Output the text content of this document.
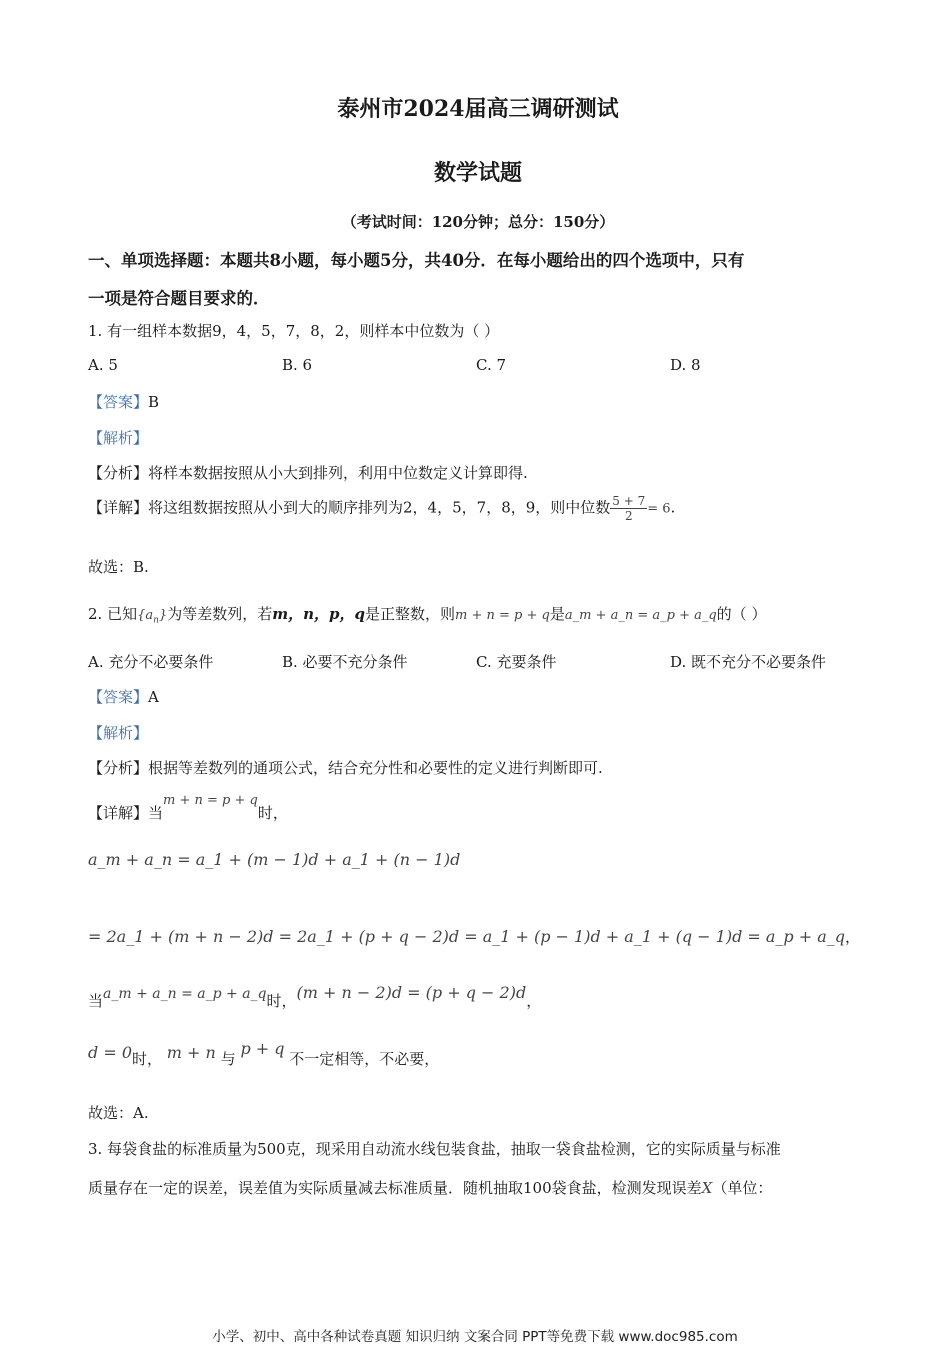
泰州市2024届高三调研测试
数学试题
（考试时间：120分钟；总分：150分）
一、单项选择题：本题共8小题，每小题5分，共40分．在每小题给出的四个选项中，只有
一项是符合题目要求的．
1. 有一组样本数据9，4，5，7，8，2，则样本中位数为（ ）
A. 5	B. 6	C. 7	D. 8
【答案】B
【解析】
【分析】将样本数据按照从小大到排列，利用中位数定义计算即得.
【详解】将这组数据按照从小到大的顺序排列为2，4，5，7，8，9，则中位数 $\frac{5 + 7}{2} = 6$.
故选：B.
2. 已知$\{a_n\}$为等差数列，若m，n，p，q是正整数，则m + n = p + q是a_m + a_n = a_p + a_q的（ ）
A. 充分不必要条件	B. 必要不充分条件	C. 充要条件	D. 既不充分不必要条件
【答案】A
【解析】
【分析】根据等差数列的通项公式，结合充分性和必要性的定义进行判断即可.
【详解】当m + n = p + q时，
a_m + a_n = a_1 + (m − 1)d + a_1 + (n − 1)d
= 2a_1 + (m + n − 2)d = 2a_1 + (p + q − 2)d = a_1 + (p − 1)d + a_1 + (q − 1)d = a_p + a_q，
当a_m + a_n = a_p + a_q时，(m + n − 2)d = (p + q − 2)d，
d = 0时， m + n 与 p + q 不一定相等，不必要，
故选：A.
3. 每袋食盐的标准质量为500克，现采用自动流水线包装食盐，抽取一袋食盐检测，它的实际质量与标准
质量存在一定的误差，误差值为实际质量减去标准质量．随机抽取100袋食盐，检测发现误差X（单位：
小学、初中、高中各种试卷真题 知识归纳 文案合同 PPT等免费下载 www.doc985.com
